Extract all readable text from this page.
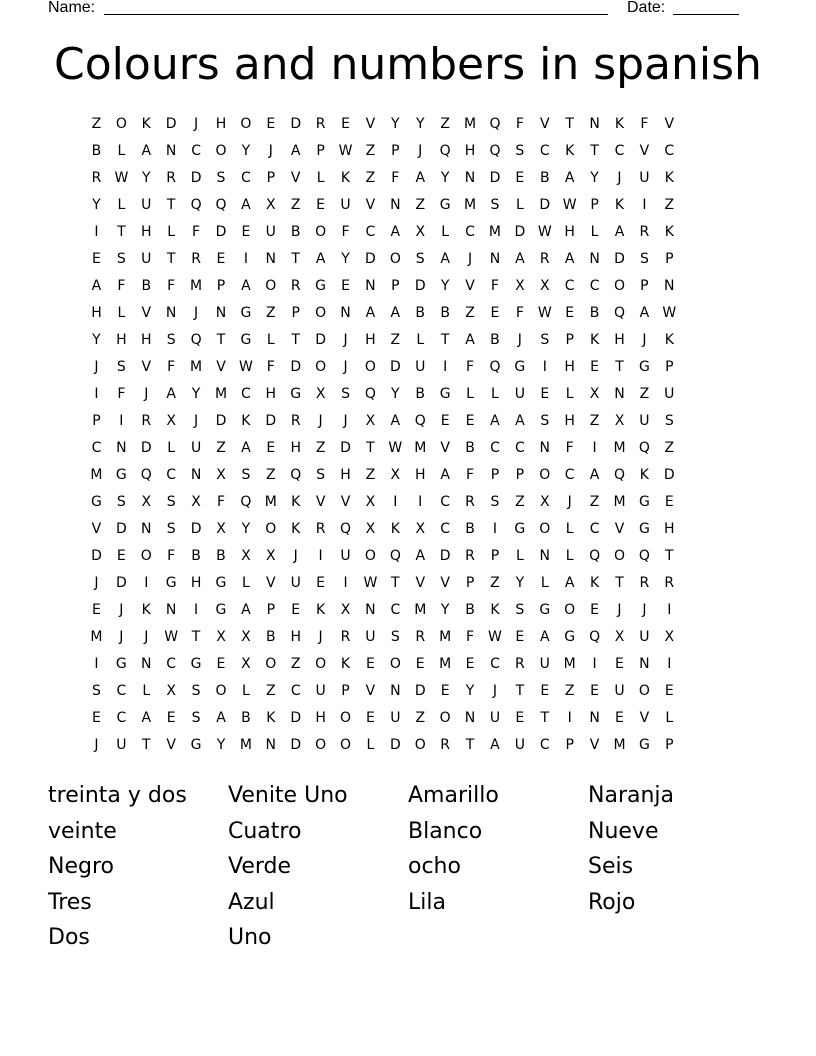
Name:	Date:
Colours and numbers in spanish
Z	O	K	D	J	H	O	E	D	R	E	V	Y	Y	Z	M Q	F	V	T	N	K	F	V
B	L	A	N	C	O	Y	J	A	P W Z	P	J	Q	H	Q	S	C	K	T	C	V	C
R W Y	R	D	S	C	P	V	L	K	Z	F	A	Y	N	D	E	B	A	Y	J	U	K
Y	L	U	T	Q Q	A	X	Z	E	U	V	N	Z	G M	S	L	D W P	K	I	Z
I	T	H	L	F	D	E	U	B	O	F	C	A	X	L	C M D W H	L	A	R	K
E	S	U	T	R	E	I	N	T	A	Y	D	O	S	A	J	N	A	R	A	N	D	S	P
A	F	B	F	M	P	A	O	R	G	E	N	P	D	Y	V	F	X	X	C	C	O	P	N
H	L	V	N	J	N	G	Z	P	O	N	A	A	B	B	Z	E	F W E	B	Q	A W
Y	H	H	S	Q	T	G	L	T	D	J	H	Z	L	T	A	B	J	S	P	K	H	J	K
J	S	V	F	M	V W F	D	O	J	O	D	U	I	F	Q G	I	H	E	T	G	P
I	F	J	A	Y	M C	H	G	X	S	Q	Y	B	G	L	L	U	E	L	X	N	Z	U
P	I	R	X	J	D	K	D	R	J	J	X	A	Q	E	E	A	A	S	H	Z	X	U	S
C	N	D	L	U	Z	A	E	H	Z	D	T W M	V	B	C	C	N	F	I	M Q	Z
M G Q	C	N	X	S	Z	Q	S	H	Z	X	H	A	F	P	P	O	C	A	Q	K	D
G	S	X	S	X	F	Q M	K	V	V	X	I	I	C	R	S	Z	X	J	Z	M G	E
V	D	N	S	D	X	Y	O	K	R	Q	X	K	X	C	B	I	G O	L	C	V	G	H
D	E	O	F	B	B	X	X	J	I	U	O Q	A	D	R	P	L	N	L	Q O Q	T
J	D	I	G	H	G	L	V	U	E	I	W T	V	V	P	Z	Y	L	A	K	T	R	R
E	J	K	N	I	G	A	P	E	K	X	N	C M	Y	B	K	S	G O	E	J	J	I
M	J	J	W T	X	X	B	H	J	R	U	S	R	M	F W E	A	G Q	X	U	X
I	G	N	C	G	E	X	O	Z	O	K	E	O	E	M	E	C	R	U M	I	E	N	I
S	C	L	X	S	O	L	Z	C	U	P	V	N	D	E	Y	J	T	E	Z	E	U	O	E
E	C	A	E	S	A	B	K	D	H	O	E	U	Z	O	N	U	E	T	I	N	E	V	L
J	U	T	V	G	Y	M N	D	O O	L	D	O	R	T	A	U	C	P	V	M G	P
treinta y dos
veinte
Negro
Tres
Dos
Venite Uno
Cuatro
Verde
Azul
Uno
Amarillo
Blanco
ocho
Lila
Naranja
Nueve
Seis
Rojo
